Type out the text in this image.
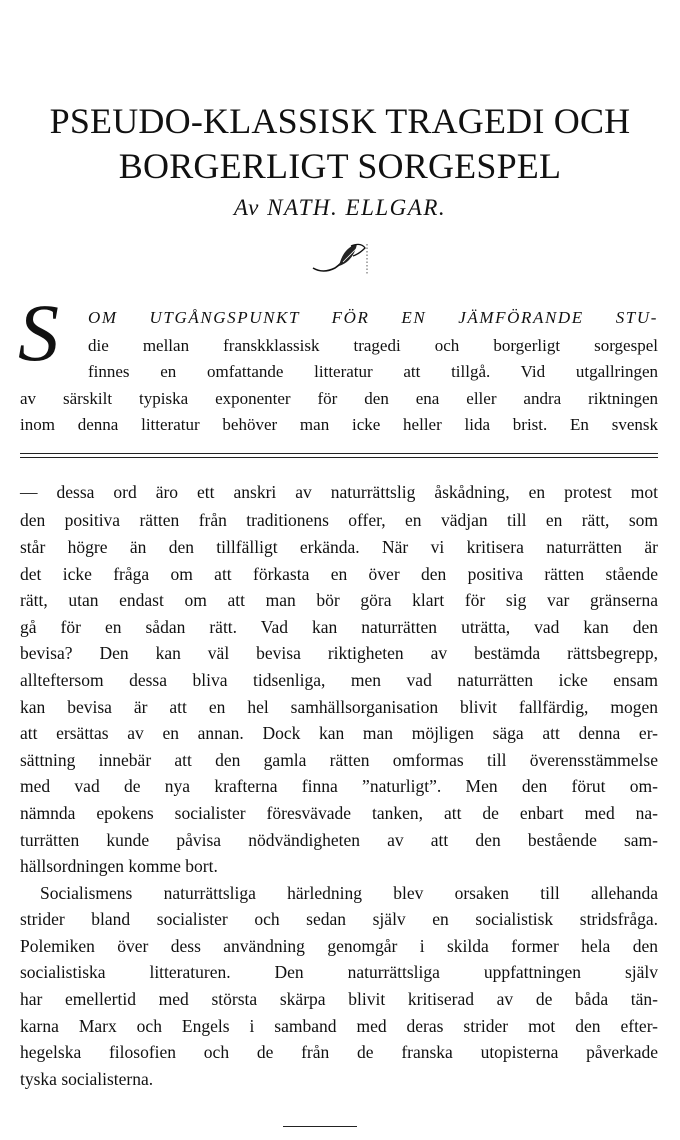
PSEUDO-KLASSISK TRAGEDI OCH
BORGERLIGT SORGESPEL
Av NATH. ELLGAR.
S OM UTGÅNGSPUNKT FÖR EN JÄMFÖRANDE STU-
die mellan franskklassisk tragedi och borgerligt sorgespel
finnes en omfattande litteratur att tillgå. Vid utgallringen
av särskilt typiska exponenter för den ena eller andra riktningen
inom denna litteratur behöver man icke heller lida brist. En svensk
— dessa ord äro ett anskri av naturrättslig åskådning, en protest mot
den positiva rätten från traditionens offer, en vädjan till en rätt, som
står högre än den tillfälligt erkända. När vi kritisera naturrätten är
det icke fråga om att förkasta en över den positiva rätten stående
rätt, utan endast om att man bör göra klart för sig var gränserna
gå för en sådan rätt. Vad kan naturrätten uträtta, vad kan den
bevisa? Den kan väl bevisa riktigheten av bestämda rättsbegrepp,
allteftersom dessa bliva tidsenliga, men vad naturrätten icke ensam
kan bevisa är att en hel samhällsorganisation blivit fallfärdig, mogen
att ersättas av en annan. Dock kan man möjligen säga att denna er-
sättning innebär att den gamla rätten omformas till överensstämmelse
med vad de nya krafterna finna ”naturligt”. Men den förut om-
nämnda epokens socialister föresvävade tanken, att de enbart med na-
turrätten kunde påvisa nödvändigheten av att den bestående sam-
hällsordningen komme bort.
Socialismens naturrättsliga härledning blev orsaken till allehanda
strider bland socialister och sedan själv en socialistisk stridsfråga.
Polemiken över dess användning genomgår i skilda former hela den
socialistiska litteraturen. Den naturrättsliga uppfattningen själv
har emellertid med största skärpa blivit kritiserad av de båda tän-
karna Marx och Engels i samband med deras strider mot den efter-
hegelska filosofien och de från de franska utopisterna påverkade
tyska socialisterna.
